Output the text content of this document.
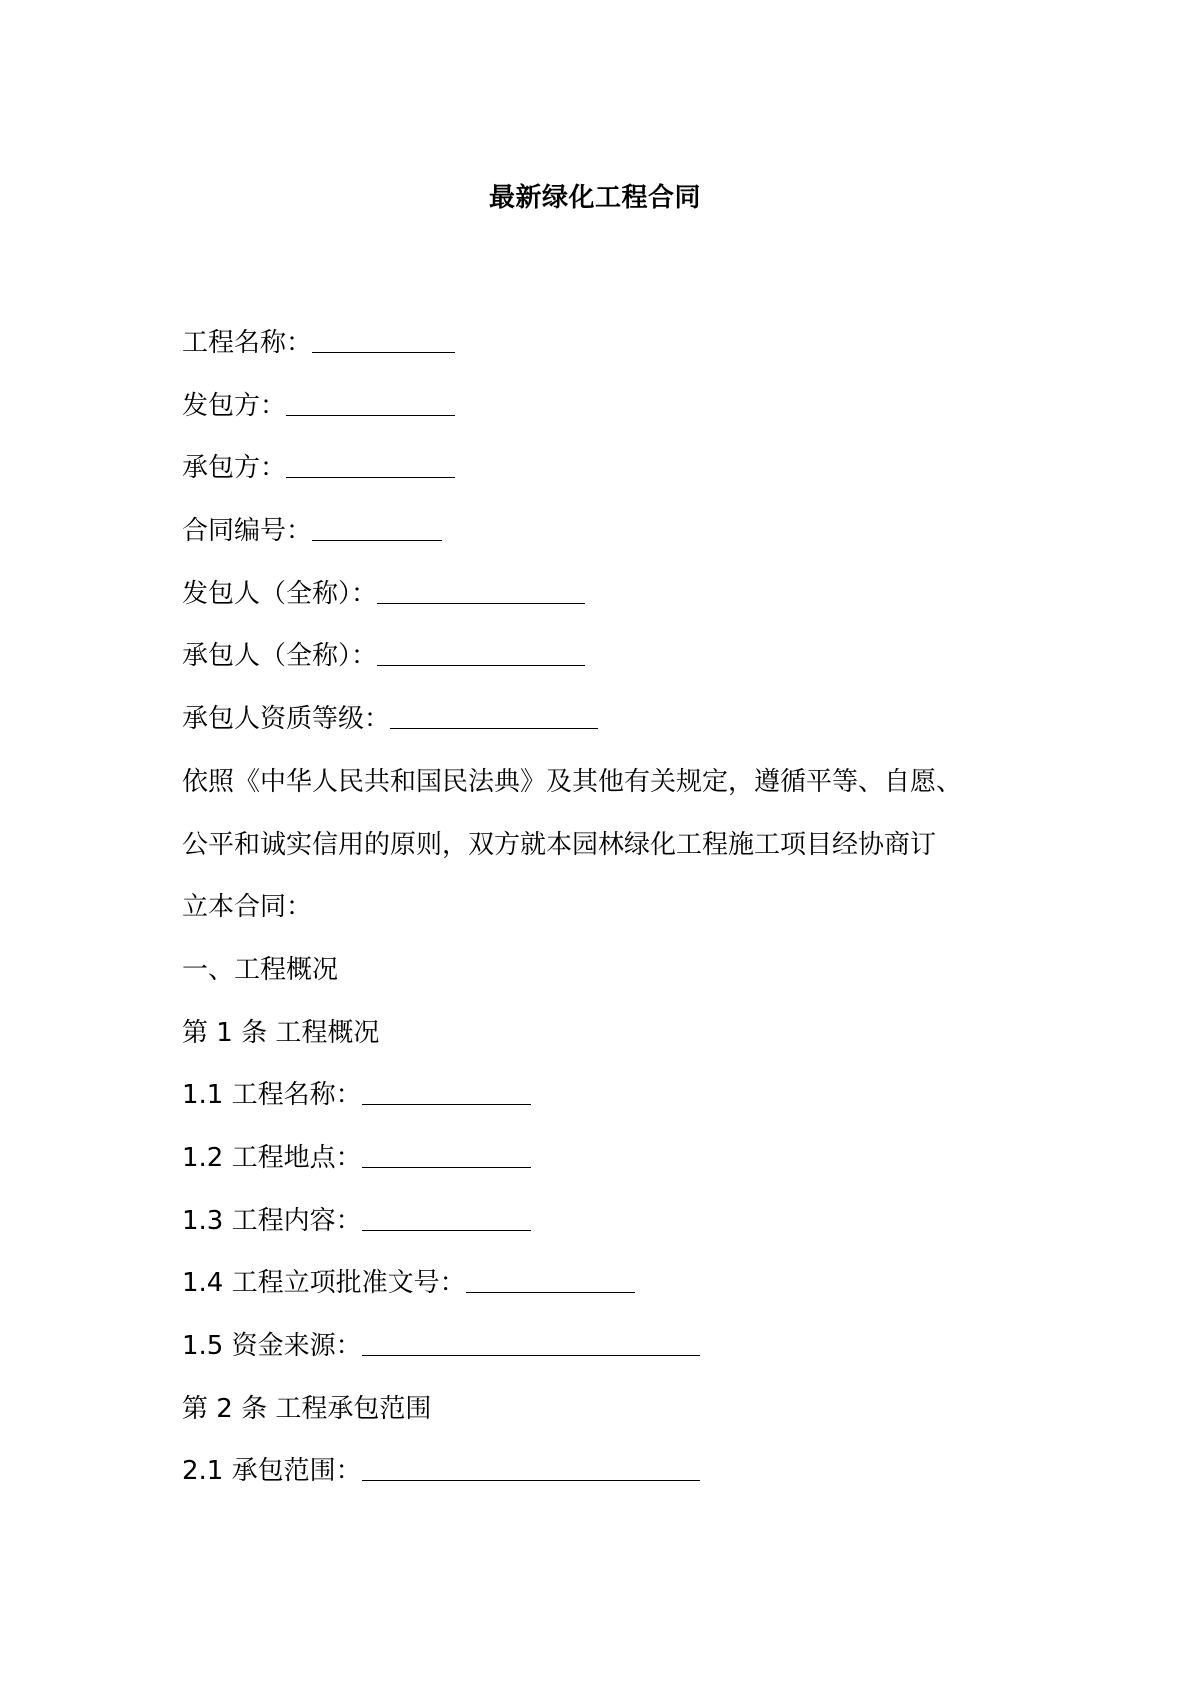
最新绿化工程合同
工程名称：
发包方：
承包方：
合同编号：
发包人（全称）：
承包人（全称）：
承包人资质等级：
依照《中华人民共和国民法典》及其他有关规定，遵循平等、自愿、
公平和诚实信用的原则，双方就本园林绿化工程施工项目经协商订
立本合同：
一、工程概况
第 1 条 工程概况
1.1 工程名称：
1.2 工程地点：
1.3 工程内容：
1.4 工程立项批准文号：
1.5 资金来源：
第 2 条 工程承包范围
2.1 承包范围：
